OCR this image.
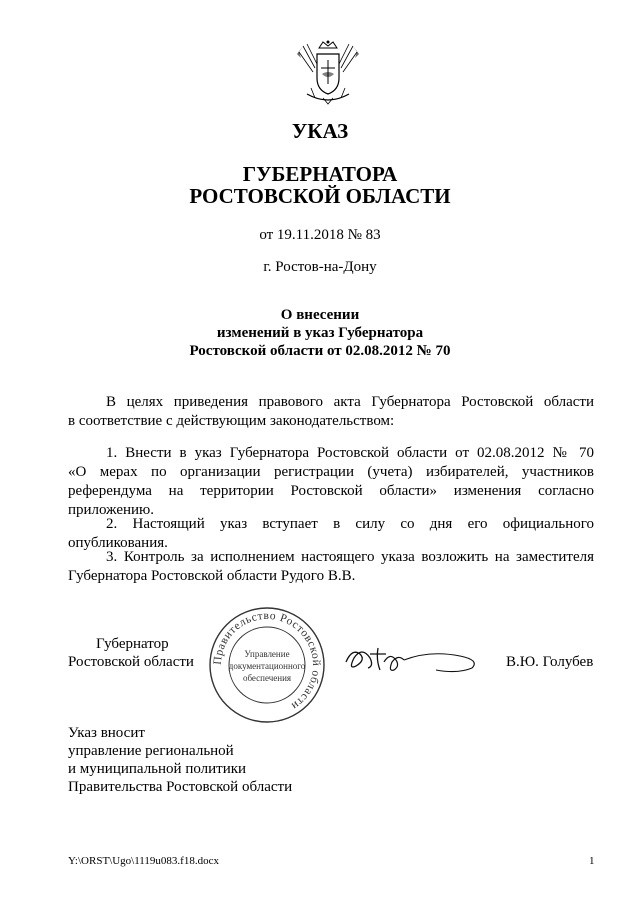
УКАЗ
ГУБЕРНАТОРА
РОСТОВСКОЙ ОБЛАСТИ
от 19.11.2018 № 83
г. Ростов-на-Дону
О внесении
изменений в указ Губернатора
Ростовской области от 02.08.2012 № 70
В целях приведения правового акта Губернатора Ростовской области
в соответствие с действующим законодательством:
1. Внести в указ Губернатора Ростовской области от 02.08.2012 № 70
«О мерах по организации регистрации (учета) избирателей, участников
референдума на территории Ростовской области» изменения согласно
приложению.
2. Настоящий указ вступает в силу со дня его официального
опубликования.
3. Контроль за исполнением настоящего указа возложить на заместителя
Губернатора Ростовской области Рудого В.В.
Губернатор
Ростовской области Правительство Ростовской области
Управление
документационного
обеспечения
В.Ю. Голубев
Указ вносит
управление региональной
и муниципальной политики
Правительства Ростовской области
Y:\ORST\Ugo\1119u083.f18.docx	1
